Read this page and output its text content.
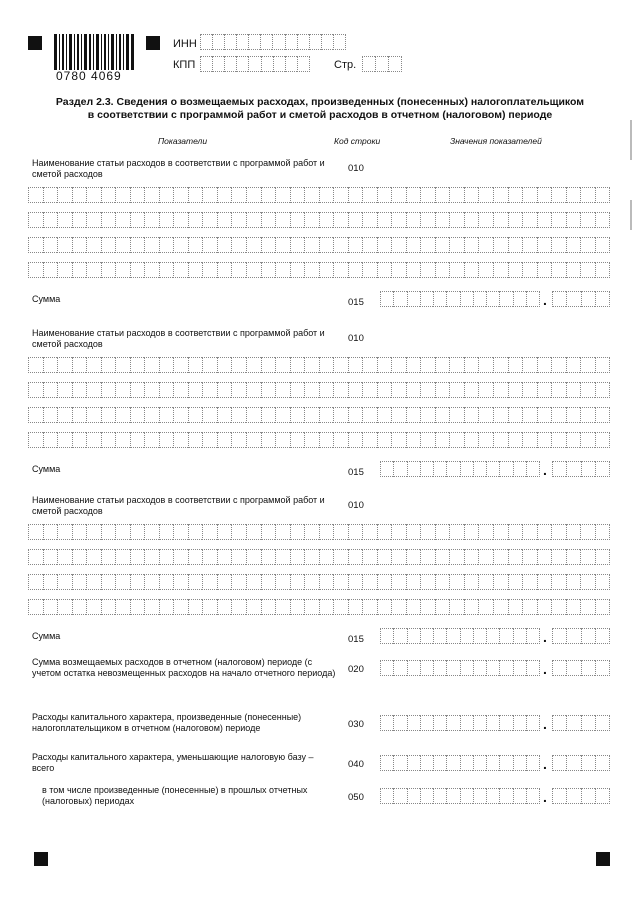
0780 4069
ИНН
КПП	Стр.
Раздел 2.3. Сведения о возмещаемых расходах, произведенных (понесенных) налогоплательщиком
в соответствии с программой работ и сметой расходов в отчетном (налоговом) периоде
Показатели	Код строки	Значения показателей
Наименование статьи расходов в соответствии с программой работ и сметой расходов	010
Сумма	015	.
Наименование статьи расходов в соответствии с программой работ и сметой расходов	010
Сумма	015	.
Наименование статьи расходов в соответствии с программой работ и сметой расходов	010
Сумма	015	.
Сумма возмещаемых расходов в отчетном (налоговом) периоде (с учетом остатка невозмещенных расходов на начало отчетного периода) 020	.
Расходы капитального характера, произведенные (понесенные) налогоплательщиком в отчетном (налоговом) периоде	030	.
Расходы капитального характера, уменьшающие налоговую базу – всего	040	.
в том числе произведенные (понесенные) в прошлых отчетных (налоговых) периодах	050	.
